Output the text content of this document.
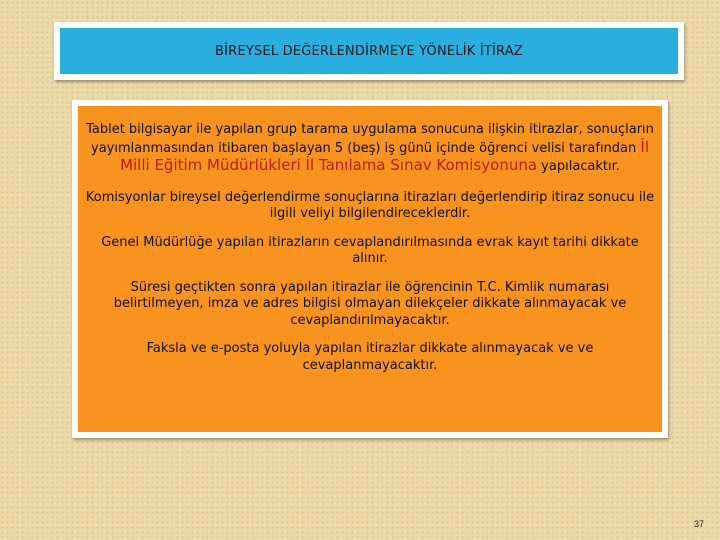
BİREYSEL DEĞERLENDİRMEYE YÖNELİK İTİRAZ

Tablet bilgisayar ile yapılan grup tarama uygulama sonucuna ilişkin itirazlar, sonuçların yayımlanmasından itibaren başlayan 5 (beş) iş günü içinde öğrenci velisi tarafından İl Milli Eğitim Müdürlükleri İl Tanılama Sınav Komisyonuna yapılacaktır.

Komisyonlar bireysel değerlendirme sonuçlarına itirazları değerlendirip itiraz sonucu ile ilgili veliyi bilgilendireceklerdir.

Genel Müdürlüğe yapılan itirazların cevaplandırılmasında evrak kayıt tarihi dikkate alınır.

Süresi geçtikten sonra yapılan itirazlar ile öğrencinin T.C. Kimlik numarası belirtilmeyen, imza ve adres bilgisi olmayan dilekçeler dikkate alınmayacak ve cevaplandırılmayacaktır.

Faksla ve e-posta yoluyla yapılan itirazlar dikkate alınmayacak ve ve cevaplanmayacaktır.

37
